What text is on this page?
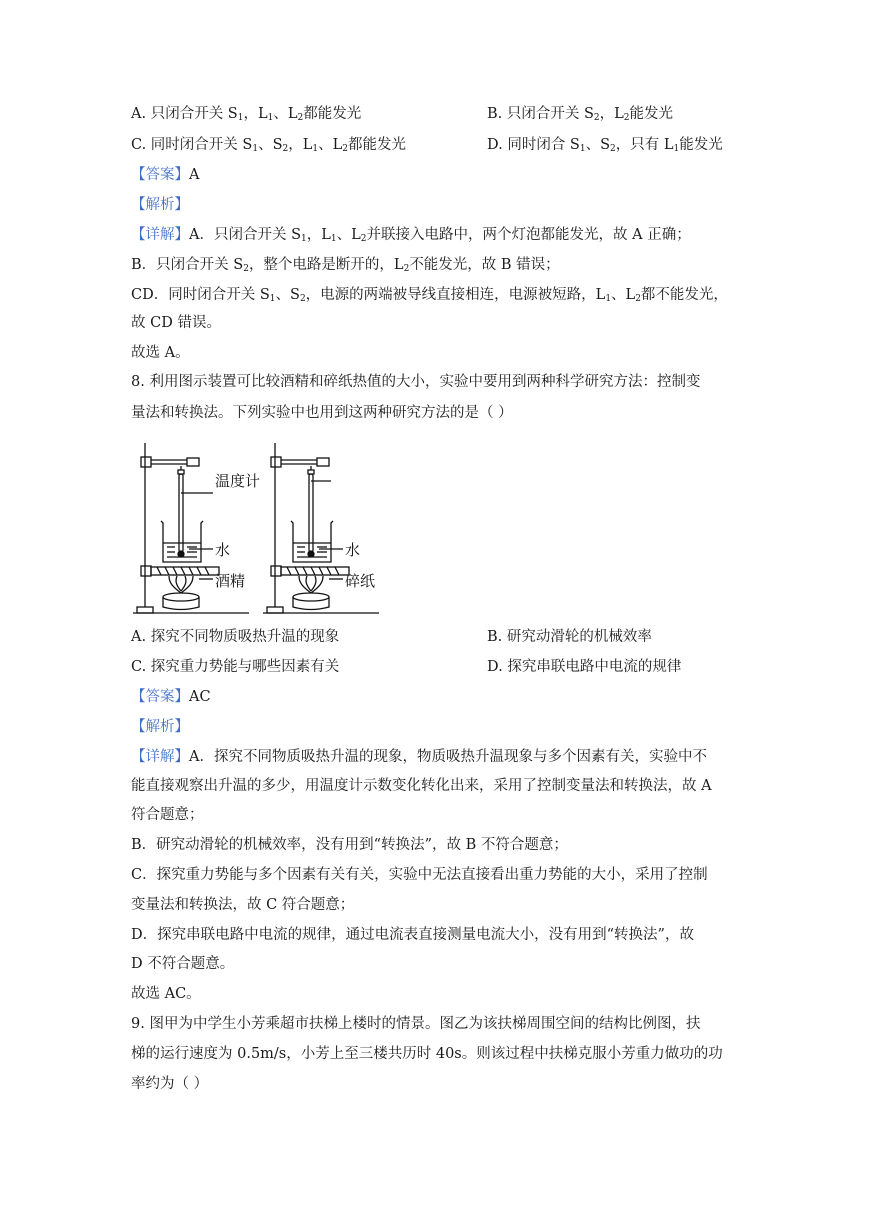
A. 只闭合开关 $S_1$，$L_1$、$L_2$都能发光	B. 只闭合开关 $S_2$，$L_2$能发光
C. 同时闭合开关 $S_1$、$S_2$，$L_1$、$L_2$都能发光	D. 同时闭合 $S_1$、$S_2$，只有 $L_1$能发光
【答案】A
【解析】
【详解】A．只闭合开关 $S_1$，$L_1$、$L_2$并联接入电路中，两个灯泡都能发光，故 A 正确；
B．只闭合开关 $S_2$，整个电路是断开的，$L_2$不能发光，故 B 错误；
CD．同时闭合开关 $S_1$、$S_2$，电源的两端被导线直接相连，电源被短路，$L_1$、$L_2$都不能发光，
故 CD 错误。
故选 A。
8. 利用图示装置可比较酒精和碎纸热值的大小，实验中要用到两种科学研究方法：控制变
量法和转换法。下列实验中也用到这两种研究方法的是（ ）
温度计
水
酒精
水
碎纸
A. 探究不同物质吸热升温的现象	B. 研究动滑轮的机械效率
C. 探究重力势能与哪些因素有关	D. 探究串联电路中电流的规律
【答案】AC
【解析】
【详解】A．探究不同物质吸热升温的现象，物质吸热升温现象与多个因素有关，实验中不
能直接观察出升温的多少，用温度计示数变化转化出来，采用了控制变量法和转换法，故 A
符合题意；
B．研究动滑轮的机械效率，没有用到“转换法”，故 B 不符合题意；
C．探究重力势能与多个因素有关有关，实验中无法直接看出重力势能的大小，采用了控制
变量法和转换法，故 C 符合题意；
D．探究串联电路中电流的规律，通过电流表直接测量电流大小，没有用到“转换法”，故
D 不符合题意。
故选 AC。
9. 图甲为中学生小芳乘超市扶梯上楼时的情景。图乙为该扶梯周围空间的结构比例图，扶
梯的运行速度为 0.5m/s，小芳上至三楼共历时 40s。则该过程中扶梯克服小芳重力做功的功
率约为（ ）
